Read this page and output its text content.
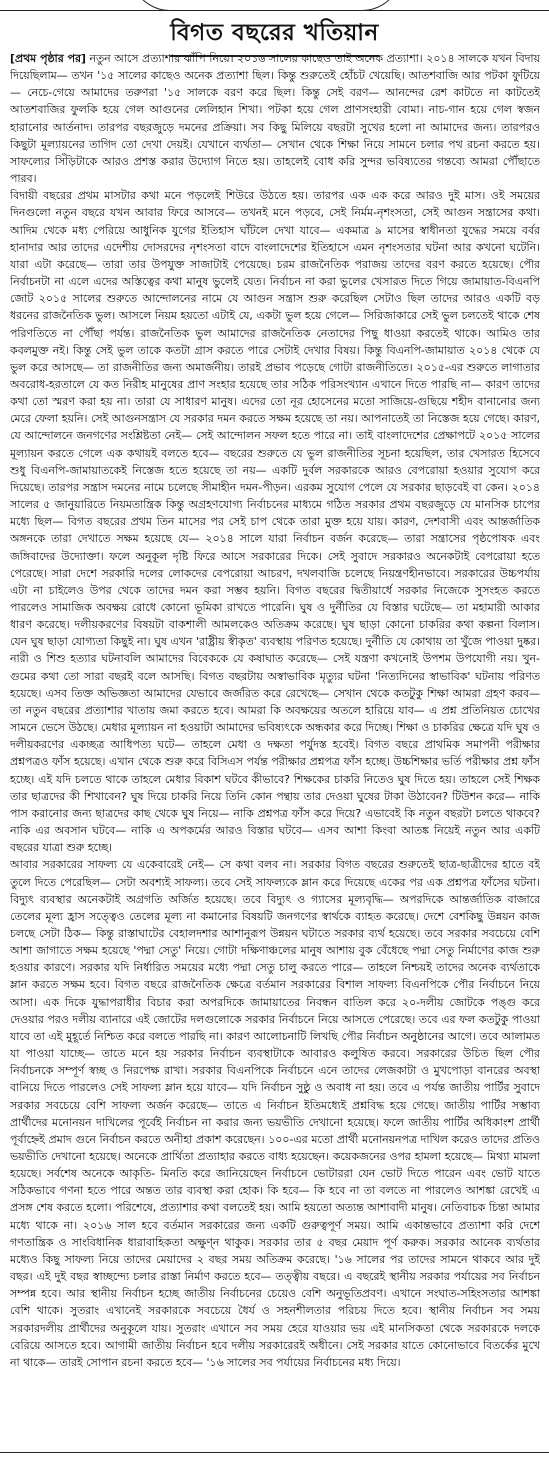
বিগত বছরের খতিয়ান

[প্রথম পৃষ্ঠার পর] নতুন আসে প্রত্যাশার ঝাঁপি নিয়ে। ২০১৬ সালের কাছেও তাই অনেক প্রত্যাশা। ২০১৪ সালকে যখন বিদায় দিয়েছিলাম— তখন '১৫ সালের কাছেও অনেক প্রত্যাশা ছিল। কিন্তু শুরুতেই হোঁচট খেয়েছি। আতশবাজি আর পটকা ফুটিয়ে— নেচে-গেয়ে আমাদের তরুণরা '১৫ সালকে বরণ করে ছিল। কিন্তু সেই বরণ— আনন্দের রেশ কাটতে না কাটতেই আতশবাজির ফুলকি হয়ে গেল আগুনের লেলিহান শিখা। পটকা হয়ে গেল প্রাণসংহারী বোমা। নাচ-গান হয়ে গেল স্বজন হারানোর আর্তনাদ। তারপর বছরজুড়ে দমনের প্রক্রিয়া। সব কিছু মিলিয়ে বছরটা সুখের হলো না আমাদের জন্য। তারপরও কিছুটা মূল্যায়নের তাগিদ তো দেখা দেয়ই। যেখানে ব্যর্থতা— সেখান থেকে শিক্ষা নিয়ে সামনে চলার পথ রচনা করতে হয়। সাফল্যের সিঁড়িটাকে আরও প্রশস্ত করার উদ্যোগ নিতে হয়। তাহলেই বোধ করি সুন্দর ভবিষ্যতের গন্তব্যে আমরা পৌঁছাতে পারব।

বিদায়ী বছরের প্রথম মাসটার কথা মনে পড়লেই শিউরে উঠতে হয়। তারপর এক এক করে আরও দুই মাস। ওই সময়ের দিনগুলো নতুন বছরে যখন আবার ফিরে আসবে— তখনই মনে পড়বে, সেই নির্মম-নৃশংসতা, সেই আগুন সন্ত্রাসের কথা। আদিম থেকে মধ্য পেরিয়ে আধুনিক যুগের ইতিহাস ঘাঁটলে দেখা যাবে— একমাত্র ৯ মাসের স্বাধীনতা যুদ্ধের সময়ে বর্বর হানাদার আর তাদের এদেশীয় দোসরদের নৃশংসতা বাদে বাংলাদেশের ইতিহাসে এমন নৃশংসতার ঘটনা আর কখনো ঘটেনি। যারা এটা করেছে— তারা তার উপযুক্ত সাজাটাই পেয়েছে। চরম রাজনৈতিক পরাজয় তাদের বরণ করতে হয়েছে। পৌর নির্বাচনটা না এলে এদের অস্তিত্বের কথা মানুষ ভুলেই যেত। নির্বাচন না করা ভুলের খেসারত দিতে গিয়ে জামায়াত-বিএনপি জোট ২০১৫ সালের শুরুতে আন্দোলনের নামে যে আগুন সন্ত্রাস শুরু করেছিল সেটাও ছিল তাদের আরও একটি বড় ধরনের রাজনৈতিক ভুল। আসলে নিয়ম হয়তো এটাই যে, একটা ভুল হয়ে গেলে— সিরিজাকারে সেই ভুল চলতেই থাকে শেষ পরিণতিতে না পৌঁছা পর্যন্ত। রাজনৈতিক ভুল আমাদের রাজনৈতিক নেতাদের পিছু ধাওয়া করতেই থাকে। আমিও তার কবলমুক্ত নই। কিন্তু সেই ভুল তাকে কতটা গ্রাস করতে পারে সেটাই দেখার বিষয়। কিন্তু বিএনপি-জামায়াত ২০১৪ থেকে যে ভুল করে আসছে— তা রাজনীতির জন্য অমার্জনীয়। তারই প্রভাব পড়েছে গোটা রাজনীতিতে। ২০১৫-এর শুরুতে লাগাতার অবরোধ-হরতালে যে কত নিরীহ মানুষের প্রাণ সংহার হয়েছে তার সঠিক পরিসংখ্যান এখানে দিতে পারছি না— কারণ তাদের কথা তো স্মরণ করা হয় না। তারা যে সাধারণ মানুষ। এদের তো নূর হোসেনের মতো সাজিয়ে-গুছিয়ে শহীদ বানানোর জন্য মেরে ফেলা হয়নি। সেই আগুনসন্ত্রাস যে সরকার দমন করতে সক্ষম হয়েছে তা নয়। আপনাতেই তা নিস্তেজ হয়ে গেছে। কারণ, যে আন্দোলনে জনগণের সংশ্লিষ্টতা নেই— সেই আন্দোলন সফল হতে পারে না। তাই বাংলাদেশের প্রেক্ষাপটে ২০১৫ সালের মূল্যায়ন করতে গেলে এক কথায়ই বলতে হবে— বছরের শুরুতে যে ভুল রাজনীতির সূচনা হয়েছিল, তার খেসারত হিসেবে শুধু বিএনপি-জামায়াতকেই নিস্তেজ হতে হয়েছে তা নয়— একটি দুর্বল সরকারকে আরও বেপরোয়া হওয়ার সুযোগ করে দিয়েছে। তারপর সন্ত্রাস দমনের নামে চলেছে সীমাহীন দমন-পীড়ন। এরকম সুযোগ পেলে যে সরকার ছাড়বেই বা কেন। ২০১৪ সালের ৫ জানুয়ারিতে নিয়মতান্ত্রিক কিন্তু অগ্রহণযোগ্য নির্বাচনের মাধ্যমে গঠিত সরকার প্রথম বছরজুড়ে যে মানসিক চাপের মধ্যে ছিল— বিগত বছরের প্রথম তিন মাসের পর সেই চাপ থেকে তারা মুক্ত হয়ে যায়। কারণ, দেশবাসী এবং আন্তর্জাতিক অঙ্গনকে তারা দেখাতে সক্ষম হয়েছে যে— ২০১৪ সালে যারা নির্বাচন বর্জন করেছে— তারা সন্ত্রাসের পৃষ্ঠপোষক এবং জঙ্গিবাদের উদ্যোক্তা। ফলে অনুকূল দৃষ্টি ফিরে আসে সরকারের দিকে। সেই সুবাদে সরকারও অনেকটাই বেপরোয়া হতে পেরেছে। সারা দেশে সরকারি দলের লোকদের বেপরোয়া আচরণ, দখলবাজি চলেছে নিয়ন্ত্রণহীনভাবে। সরকারের উচ্চপর্যায় এটা না চাইলেও উপর থেকে তাদের দমন করা সম্ভব হয়নি। বিগত বছরের দ্বিতীয়ার্ধে সরকার নিজেকে সুসংহত করতে পারলেও সামাজিক অবক্ষয় রোধে কোনো ভূমিকা রাখতে পারেনি। ঘুষ ও দুর্নীতির যে বিস্তার ঘটেছে— তা মহামারী আকার ধারণ করেছে। দলীয়করণের বিষয়টা বাকশালী আমলকেও অতিক্রম করেছে। ঘুষ ছাড়া কোনো চাকরির কথা কল্পনা বিলাস। যেন ঘুষ ছাড়া যোগ্যতা কিছুই না। ঘুষ এখন 'রাষ্ট্রীয় স্বীকৃত' ব্যবস্থায় পরিণত হয়েছে। দুর্নীতি যে কোথায় তা খুঁজে পাওয়া দুষ্কর। নারী ও শিশু হত্যার ঘটনাবলি আমাদের বিবেককে যে কষাঘাত করেছে— সেই যন্ত্রণা কখনোই উপশম উপযোগী নয়। খুন-গুমের কথা তো সারা বছরই বলে আসছি। বিগত বছরটায় অস্বাভাবিক মৃত্যুর ঘটনা 'নিত্যদিনের স্বাভাবিক' ঘটনায় পরিণত হয়েছে। এসব তিক্ত অভিজ্ঞতা আমাদের যেভাবে জর্জরিত করে রেখেছে— সেখান থেকে কতটুকু শিক্ষা আমরা গ্রহণ করব— তা নতুন বছরের প্রত্যাশার খাতায় জমা করতে হবে। আমরা কি অবক্ষয়ের অতলে হারিয়ে যাব— এ প্রশ্ন প্রতিনিয়ত চোখের সামনে ভেসে উঠছে। মেধার মূল্যায়ন না হওয়াটা আমাদের ভবিষ্যৎকে অন্ধকার করে দিচ্ছে। শিক্ষা ও চাকরির ক্ষেত্রে যদি ঘুষ ও দলীয়করণের একচ্ছত্র আধিপত্য ঘটে— তাহলে মেধা ও দক্ষতা পর্যুদস্ত হবেই। বিগত বছরে প্রাথমিক সমাপনী পরীক্ষার প্রশ্নপত্রও ফাঁস হয়েছে। এখান থেকে শুরু করে বিসিএস পর্যন্ত পরীক্ষার প্রশ্নপত্র ফাঁস হচ্ছে। উচ্চশিক্ষার ভর্তি পরীক্ষার প্রশ্ন ফাঁস হচ্ছে। এই যদি চলতে থাকে তাহলে মেধার বিকাশ ঘটবে কীভাবে? শিক্ষকের চাকরি নিতেও ঘুষ দিতে হয়। তাহলে সেই শিক্ষক তার ছাত্রদের কী শিখাবেন? ঘুষ দিয়ে চাকরি নিয়ে তিনি কোন পন্থায় তার দেওয়া ঘুষের টাকা উঠাবেন? টিউশন করে— নাকি পাস করানোর জন্য ছাত্রদের কাছ থেকে ঘুষ নিয়ে— নাকি প্রশ্নপত্র ফাঁস করে দিয়ে? এভাবেই কি নতুন বছরটা চলতে থাকবে? নাকি এর অবসান ঘটবে— নাকি এ অপকর্মের আরও বিস্তার ঘটবে— এসব আশা কিংবা আতঙ্ক নিয়েই নতুন আর একটি বছরের যাত্রা শুরু হচ্ছে।

আবার সরকারের সাফল্য যে একেবারেই নেই— সে কথা বলব না। সরকার বিগত বছরের শুরুতেই ছাত্র-ছাত্রীদের হাতে বই তুলে দিতে পেরেছিল— সেটা অবশ্যই সাফল্য। তবে সেই সাফল্যকে ম্লান করে দিয়েছে একের পর এক প্রশ্নপত্র ফাঁসের ঘটনা। বিদ্যুৎ ব্যবস্থার অনেকটাই অগ্রগতি অর্জিত হয়েছে। তবে বিদ্যুৎ ও গ্যাসের মূল্যবৃদ্ধি— অপরদিকে আন্তর্জাতিক বাজারে তেলের মূল্য হ্রাস সত্ত্বেও তেলের মূল্য না কমানোর বিষয়টি জনগণের স্বার্থকে ব্যাহত করেছে। দেশে বেশকিছু উন্নয়ন কাজ চলছে সেটা ঠিক— কিন্তু রাস্তাঘাটের বেহালদশার আশানুরূপ উন্নয়ন ঘটাতে সরকার ব্যর্থ হয়েছে। তবে সরকার সবচেয়ে বেশি আশা জাগাতে সক্ষম হয়েছে 'পদ্মা সেতু' নিয়ে। গোটা দক্ষিণাঞ্চলের মানুষ আশায় বুক বেঁধেছে পদ্মা সেতু নির্মাণের কাজ শুরু হওয়ার কারণে। সরকার যদি নির্ধারিত সময়ের মধ্যে পদ্মা সেতু চালু করতে পারে— তাহলে নিশ্চয়ই তাদের অনেক ব্যর্থতাকে ম্লান করতে সক্ষম হবে। বিগত বছরে রাজনৈতিক ক্ষেত্রে বর্তমান সরকারের বিশাল সাফল্য বিএনপিকে পৌর নির্বাচনে নিয়ে আসা। এক দিকে যুদ্ধাপরাধীর বিচার করা অপরদিকে জামায়াতের নিবন্ধন বাতিল করে ২০-দলীয় জোটকে পঙ্গু করে দেওয়ার পরও দলীয় ব্যানারে এই জোটের দলগুলোকে সরকার নির্বাচনে নিয়ে আসতে পেরেছে। তবে এর ফল কতটুকু পাওয়া যাবে তা এই মুহূর্তে নিশ্চিত করে বলতে পারছি না। কারণ আলোচনাটি লিখছি পৌর নির্বাচন অনুষ্ঠানের আগে। তবে আলামত যা পাওয়া যাচ্ছে— তাতে মনে হয় সরকার নির্বাচন ব্যবস্থাটাকে আবারও কলুষিত করবে। সরকারের উচিত ছিল পৌর নির্বাচনকে সম্পূর্ণ স্বচ্ছ ও নিরপেক্ষ রাখা। সরকার বিএনপিকে নির্বাচনে এনে তাদের লেজকাটা ও মুখপোড়া বানরের অবস্থা বানিয়ে দিতে পারলেও সেই সাফল্য ম্লান হয়ে যাবে— যদি নির্বাচন সুষ্ঠু ও অবাধ না হয়। তবে এ পর্যন্ত জাতীয় পার্টির সুবাদে সরকার সবচেয়ে বেশি সাফল্য অর্জন করেছে— তাতে এ নির্বাচন ইতিমধ্যেই প্রশ্নবিদ্ধ হয়ে গেছে। জাতীয় পার্টির সম্ভাব্য প্রার্থীদের মনোনয়ন দাখিলের পূর্বেই নির্বাচন না করার জন্য ভয়ভীতি দেখানো হয়েছে। ফলে জাতীয় পার্টির অধিকাংশ প্রার্থী পূর্বাহ্নেই প্রমাদ গুনে নির্বাচন করতে অনীহা প্রকাশ করেছেন। ১০০-এর মতো প্রার্থী মনোনয়নপত্র দাখিল করেও তাদের প্রতিও ভয়ভীতি দেখানো হয়েছে। অনেকে প্রার্থিতা প্রত্যাহার করতে বাধ্য হয়েছেন। কয়েকজনের ওপর হামলা হয়েছে— মিথ্যা মামলা হয়েছে। সর্বশেষ অনেকে আকৃতি- মিনতি করে জানিয়েছেন নির্বাচনে ভোটাররা যেন ভোট দিতে পারেন এবং ভোট যাতে সঠিকভাবে গণনা হতে পারে অন্তত তার ব্যবস্থা করা হোক। কি হবে— কি হবে না তা বলতে না পারলেও আশঙ্কা রেখেই এ প্রসঙ্গ শেষ করতে হলো। পরিশেষে, প্রত্যাশার কথা বলতেই হয়। আমি হয়তো অত্যন্ত আশাবাদী মানুষ। নেতিবাচক চিন্তা আমার মধ্যে থাকে না। ২০১৬ সাল হবে বর্তমান সরকারের জন্য একটি গুরুত্বপূর্ণ সময়। আমি একান্তভাবে প্রত্যাশা করি দেশে গণতান্ত্রিক ও সাংবিধানিক ধারাবাহিকতা অক্ষুণ্ন থাকুক। সরকার তার ৫ বছর মেয়াদ পূর্ণ করুক। সরকার আনেক ব্যর্থতার মধ্যেও কিছু সাফল্য নিয়ে তাদের মেয়াদের ২ বছর সময় অতিক্রম করেছে। '১৬ সালের পর তাদের সামনে থাকবে আর দুই বছর। এই দুই বছর স্বাচ্ছন্দ্যে চলার রাস্তা নির্মাণ করতে হবে— তত্ত্বীয় বছরে। এ বছরেই স্থানীয় সরকার পর্যায়ের সব নির্বাচন সম্পন্ন হবে। আর স্থানীয় নির্বাচন হচ্ছে জাতীয় নির্বাচনের চেয়েও বেশি অনুভূতিপ্রবণ। এখানে সংঘাত-সহিংসতার আশঙ্কা বেশি থাকে। সুতরাং এখানেই সরকারকে সবচেয়ে ধৈর্য ও সহনশীলতার পরিচয় দিতে হবে। স্থানীয় নির্বাচন সব সময় সরকারদলীয় প্রার্থীদের অনুকূলে যায়। সুতরাং এখানে সব সময় হেরে যাওয়ার ভয় এই মানসিকতা থেকে সরকারকে দলকে বেরিয়ে আসতে হবে। আগামী জাতীয় নির্বাচন হবে দলীয় সরকারেরই অধীনে। সেই সরকার যাতে কোনোভাবে বিতর্কের মুখে না থাকে— তারই সোপান রচনা করতে হবে— '১৬ সালের সব পর্যায়ের নির্বাচনের মধ্য দিয়ে।
